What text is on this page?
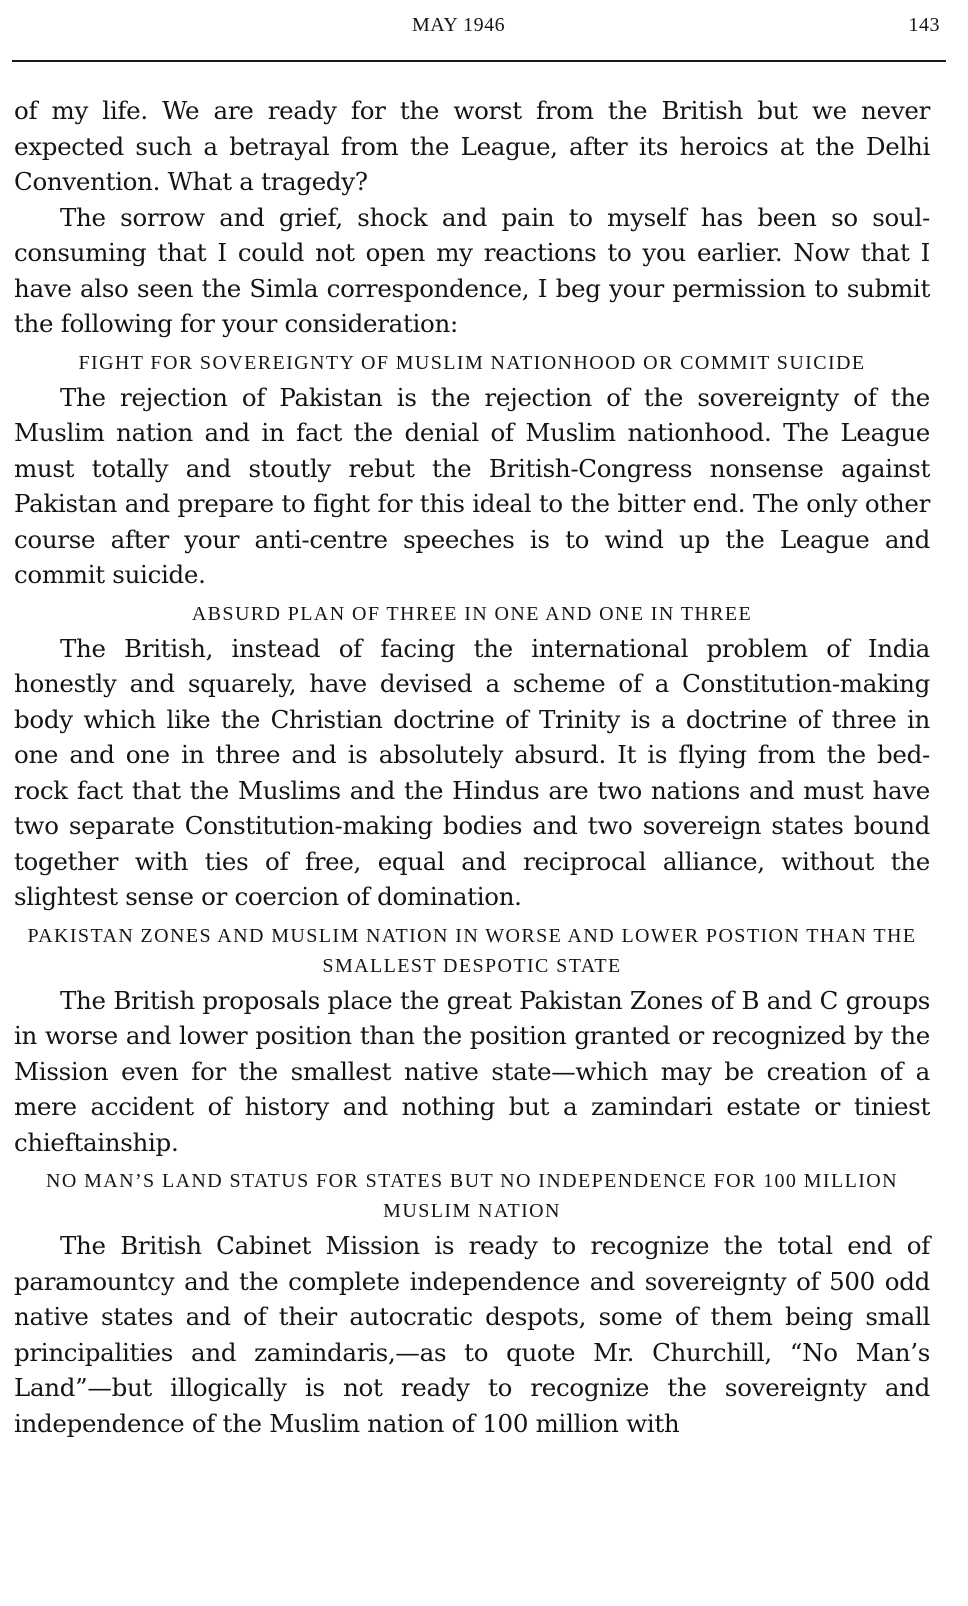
MAY 1946	143

of my life. We are ready for the worst from the British but we never expected such a betrayal from the League, after its heroics at the Delhi Convention. What a tragedy?

The sorrow and grief, shock and pain to myself has been so soul-consuming that I could not open my reactions to you earlier. Now that I have also seen the Simla correspondence, I beg your permission to submit the following for your consideration:

FIGHT FOR SOVEREIGNTY OF MUSLIM NATIONHOOD OR COMMIT SUICIDE

The rejection of Pakistan is the rejection of the sovereignty of the Muslim nation and in fact the denial of Muslim nationhood. The League must totally and stoutly rebut the British-Congress nonsense against Pakistan and prepare to fight for this ideal to the bitter end. The only other course after your anti-centre speeches is to wind up the League and commit suicide.

ABSURD PLAN OF THREE IN ONE AND ONE IN THREE

The British, instead of facing the international problem of India honestly and squarely, have devised a scheme of a Constitution-making body which like the Christian doctrine of Trinity is a doctrine of three in one and one in three and is absolutely absurd. It is flying from the bed-rock fact that the Muslims and the Hindus are two nations and must have two separate Constitution-making bodies and two sovereign states bound together with ties of free, equal and reciprocal alliance, without the slightest sense or coercion of domination.

PAKISTAN ZONES AND MUSLIM NATION IN WORSE AND LOWER POSTION THAN THE SMALLEST DESPOTIC STATE

The British proposals place the great Pakistan Zones of B and C groups in worse and lower position than the position granted or recognized by the Mission even for the smallest native state—which may be creation of a mere accident of history and nothing but a zamindari estate or tiniest chieftainship.

NO MAN’S LAND STATUS FOR STATES BUT NO INDEPENDENCE FOR 100 MILLION MUSLIM NATION

The British Cabinet Mission is ready to recognize the total end of paramountcy and the complete independence and sovereignty of 500 odd native states and of their autocratic despots, some of them being small principalities and zamindaris,—as to quote Mr. Churchill, “No Man’s Land”—but illogically is not ready to recognize the sovereignty and independence of the Muslim nation of 100 million with
